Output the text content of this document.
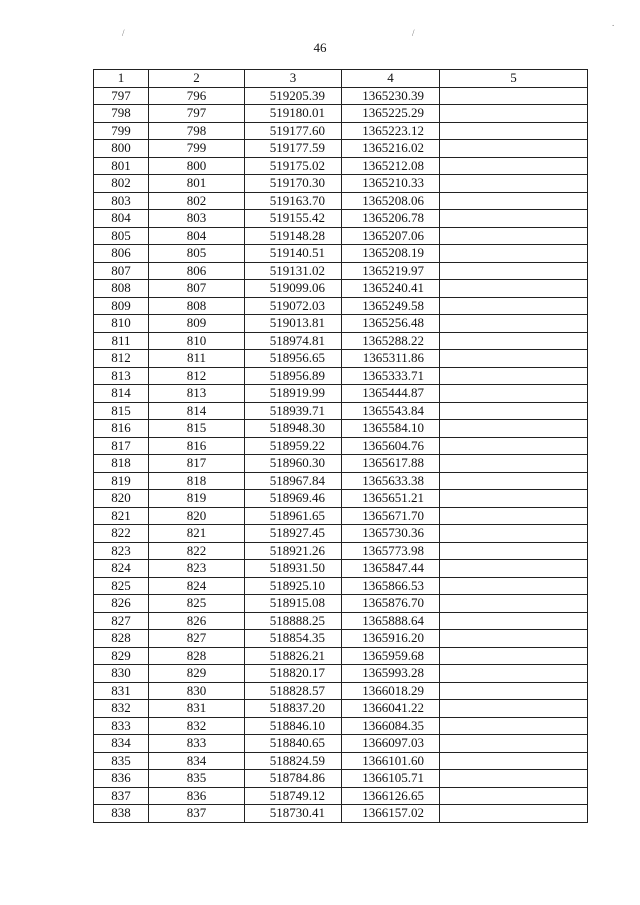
/	/
.
46
1	2	3	4	5
797	796	519205.39	1365230.39	
798	797	519180.01	1365225.29	
799	798	519177.60	1365223.12	
800	799	519177.59	1365216.02	
801	800	519175.02	1365212.08	
802	801	519170.30	1365210.33	
803	802	519163.70	1365208.06	
804	803	519155.42	1365206.78	
805	804	519148.28	1365207.06	
806	805	519140.51	1365208.19	
807	806	519131.02	1365219.97	
808	807	519099.06	1365240.41	
809	808	519072.03	1365249.58	
810	809	519013.81	1365256.48	
811	810	518974.81	1365288.22	
812	811	518956.65	1365311.86	
813	812	518956.89	1365333.71	
814	813	518919.99	1365444.87	
815	814	518939.71	1365543.84	
816	815	518948.30	1365584.10	
817	816	518959.22	1365604.76	
818	817	518960.30	1365617.88	
819	818	518967.84	1365633.38	
820	819	518969.46	1365651.21	
821	820	518961.65	1365671.70	
822	821	518927.45	1365730.36	
823	822	518921.26	1365773.98	
824	823	518931.50	1365847.44	
825	824	518925.10	1365866.53	
826	825	518915.08	1365876.70	
827	826	518888.25	1365888.64	
828	827	518854.35	1365916.20	
829	828	518826.21	1365959.68	
830	829	518820.17	1365993.28	
831	830	518828.57	1366018.29	
832	831	518837.20	1366041.22	
833	832	518846.10	1366084.35	
834	833	518840.65	1366097.03	
835	834	518824.59	1366101.60	
836	835	518784.86	1366105.71	
837	836	518749.12	1366126.65	
838	837	518730.41	1366157.02	
